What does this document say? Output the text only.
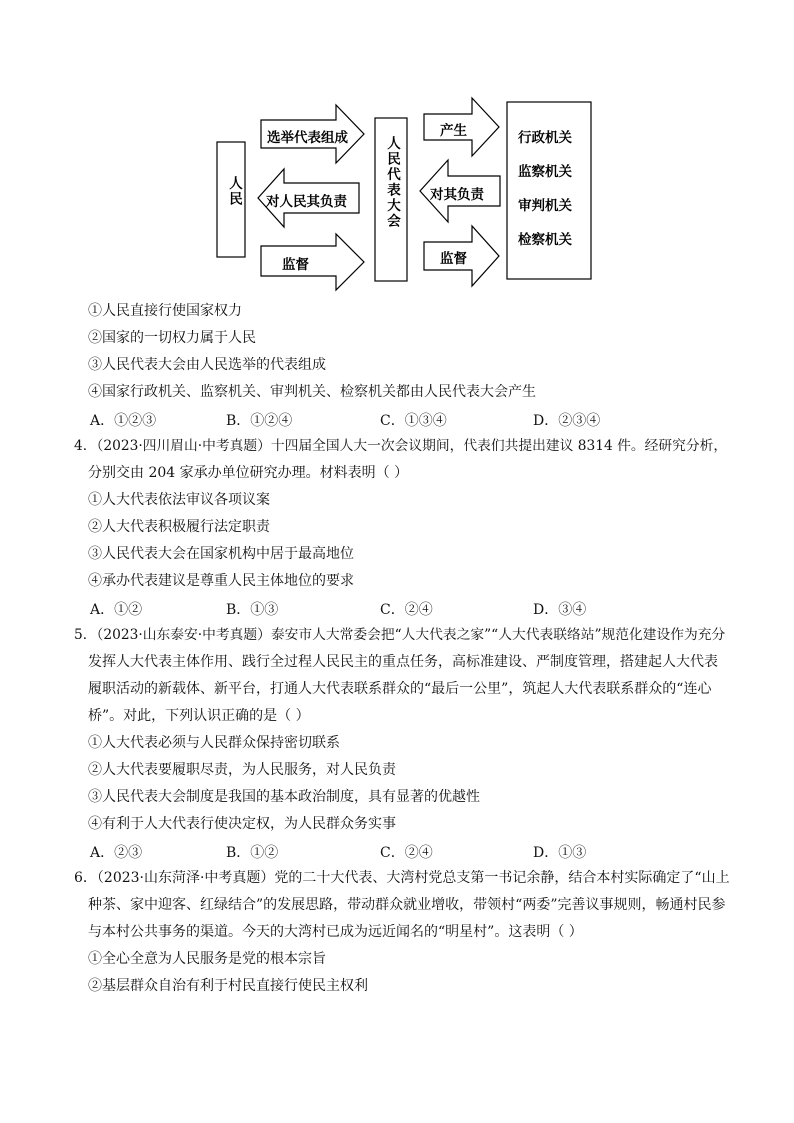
人民	人民代表大会
选举代表组成
对人民其负责
监督
产生
对其负责
监督
行政机关
监察机关
审判机关
检察机关
①人民直接行使国家权力
②国家的一切权力属于人民
③人民代表大会由人民选举的代表组成
④国家行政机关、监察机关、审判机关、检察机关都由人民代表大会产生
A．①②③	B．①②④	C．①③④	D．②③④
4．（2023·四川眉山·中考真题）十四届全国人大一次会议期间，代表们共提出建议 8314 件。经研究分析，
分别交由 204 家承办单位研究办理。材料表明（ ）
①人大代表依法审议各项议案
②人大代表积极履行法定职责
③人民代表大会在国家机构中居于最高地位
④承办代表建议是尊重人民主体地位的要求
A．①②	B．①③	C．②④	D．③④
5．（2023·山东泰安·中考真题）泰安市人大常委会把“人大代表之家”“人大代表联络站”规范化建设作为充分
发挥人大代表主体作用、践行全过程人民民主的重点任务，高标准建设、严制度管理，搭建起人大代表
履职活动的新载体、新平台，打通人大代表联系群众的“最后一公里”，筑起人大代表联系群众的“连心
桥”。对此，下列认识正确的是（ ）
①人大代表必须与人民群众保持密切联系
②人大代表要履职尽责，为人民服务，对人民负责
③人民代表大会制度是我国的基本政治制度，具有显著的优越性
④有利于人大代表行使决定权，为人民群众务实事
A．②③	B．①②	C．②④	D．①③
6．（2023·山东菏泽·中考真题）党的二十大代表、大湾村党总支第一书记余静，结合本村实际确定了“山上
种茶、家中迎客、红绿结合”的发展思路，带动群众就业增收，带领村“两委”完善议事规则，畅通村民参
与本村公共事务的渠道。今天的大湾村已成为远近闻名的“明星村”。这表明（ ）
①全心全意为人民服务是党的根本宗旨
②基层群众自治有利于村民直接行使民主权利
